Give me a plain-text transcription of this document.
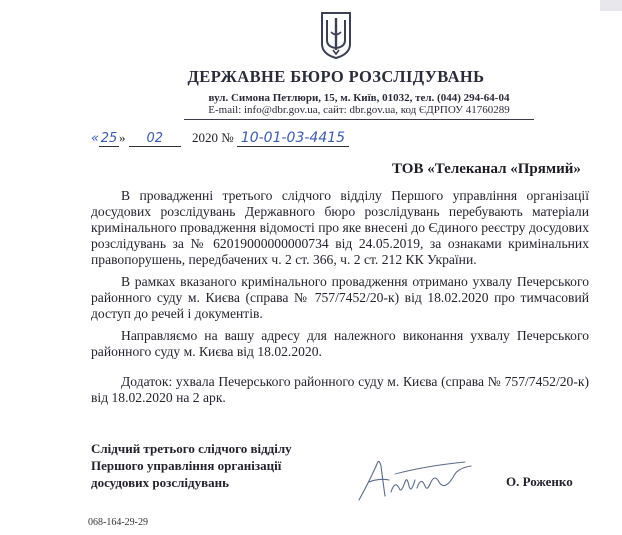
ДЕРЖАВНЕ БЮРО РОЗСЛІДУВАНЬ
вул. Симона Петлюри, 15, м. Київ, 01032, тел. (044) 294-64-04
E-mail: info@dbr.gov.ua, сайт: dbr.gov.ua, код ЄДРПОУ 41760289
« 25 » 02 2020 № 10-01-03-4415
ТОВ «Телеканал «Прямий»

В провадженні третього слідчого відділу Першого управління організації досудових розслідувань Державного бюро розслідувань перебувають матеріали кримінального провадження відомості про яке внесені до Єдиного реєстру досудових розслідувань за № 62019000000000734 від 24.05.2019, за ознаками кримінальних правопорушень, передбачених ч. 2 ст. 366, ч. 2 ст. 212 КК України.

В рамках вказаного кримінального провадження отримано ухвалу Печерського районного суду м. Києва (справа № 757/7452/20-к) від 18.02.2020 про тимчасовий доступ до речей і документів.

Направляємо на вашу адресу для належного виконання ухвалу Печерського районного суду м. Києва від 18.02.2020.

Додаток: ухвала Печерського районного суду м. Києва (справа № 757/7452/20-к) від 18.02.2020 на 2 арк.

Слідчий третього слідчого відділу
Першого управління організації
досудових розслідувань	О. Роженко
068-164-29-29
